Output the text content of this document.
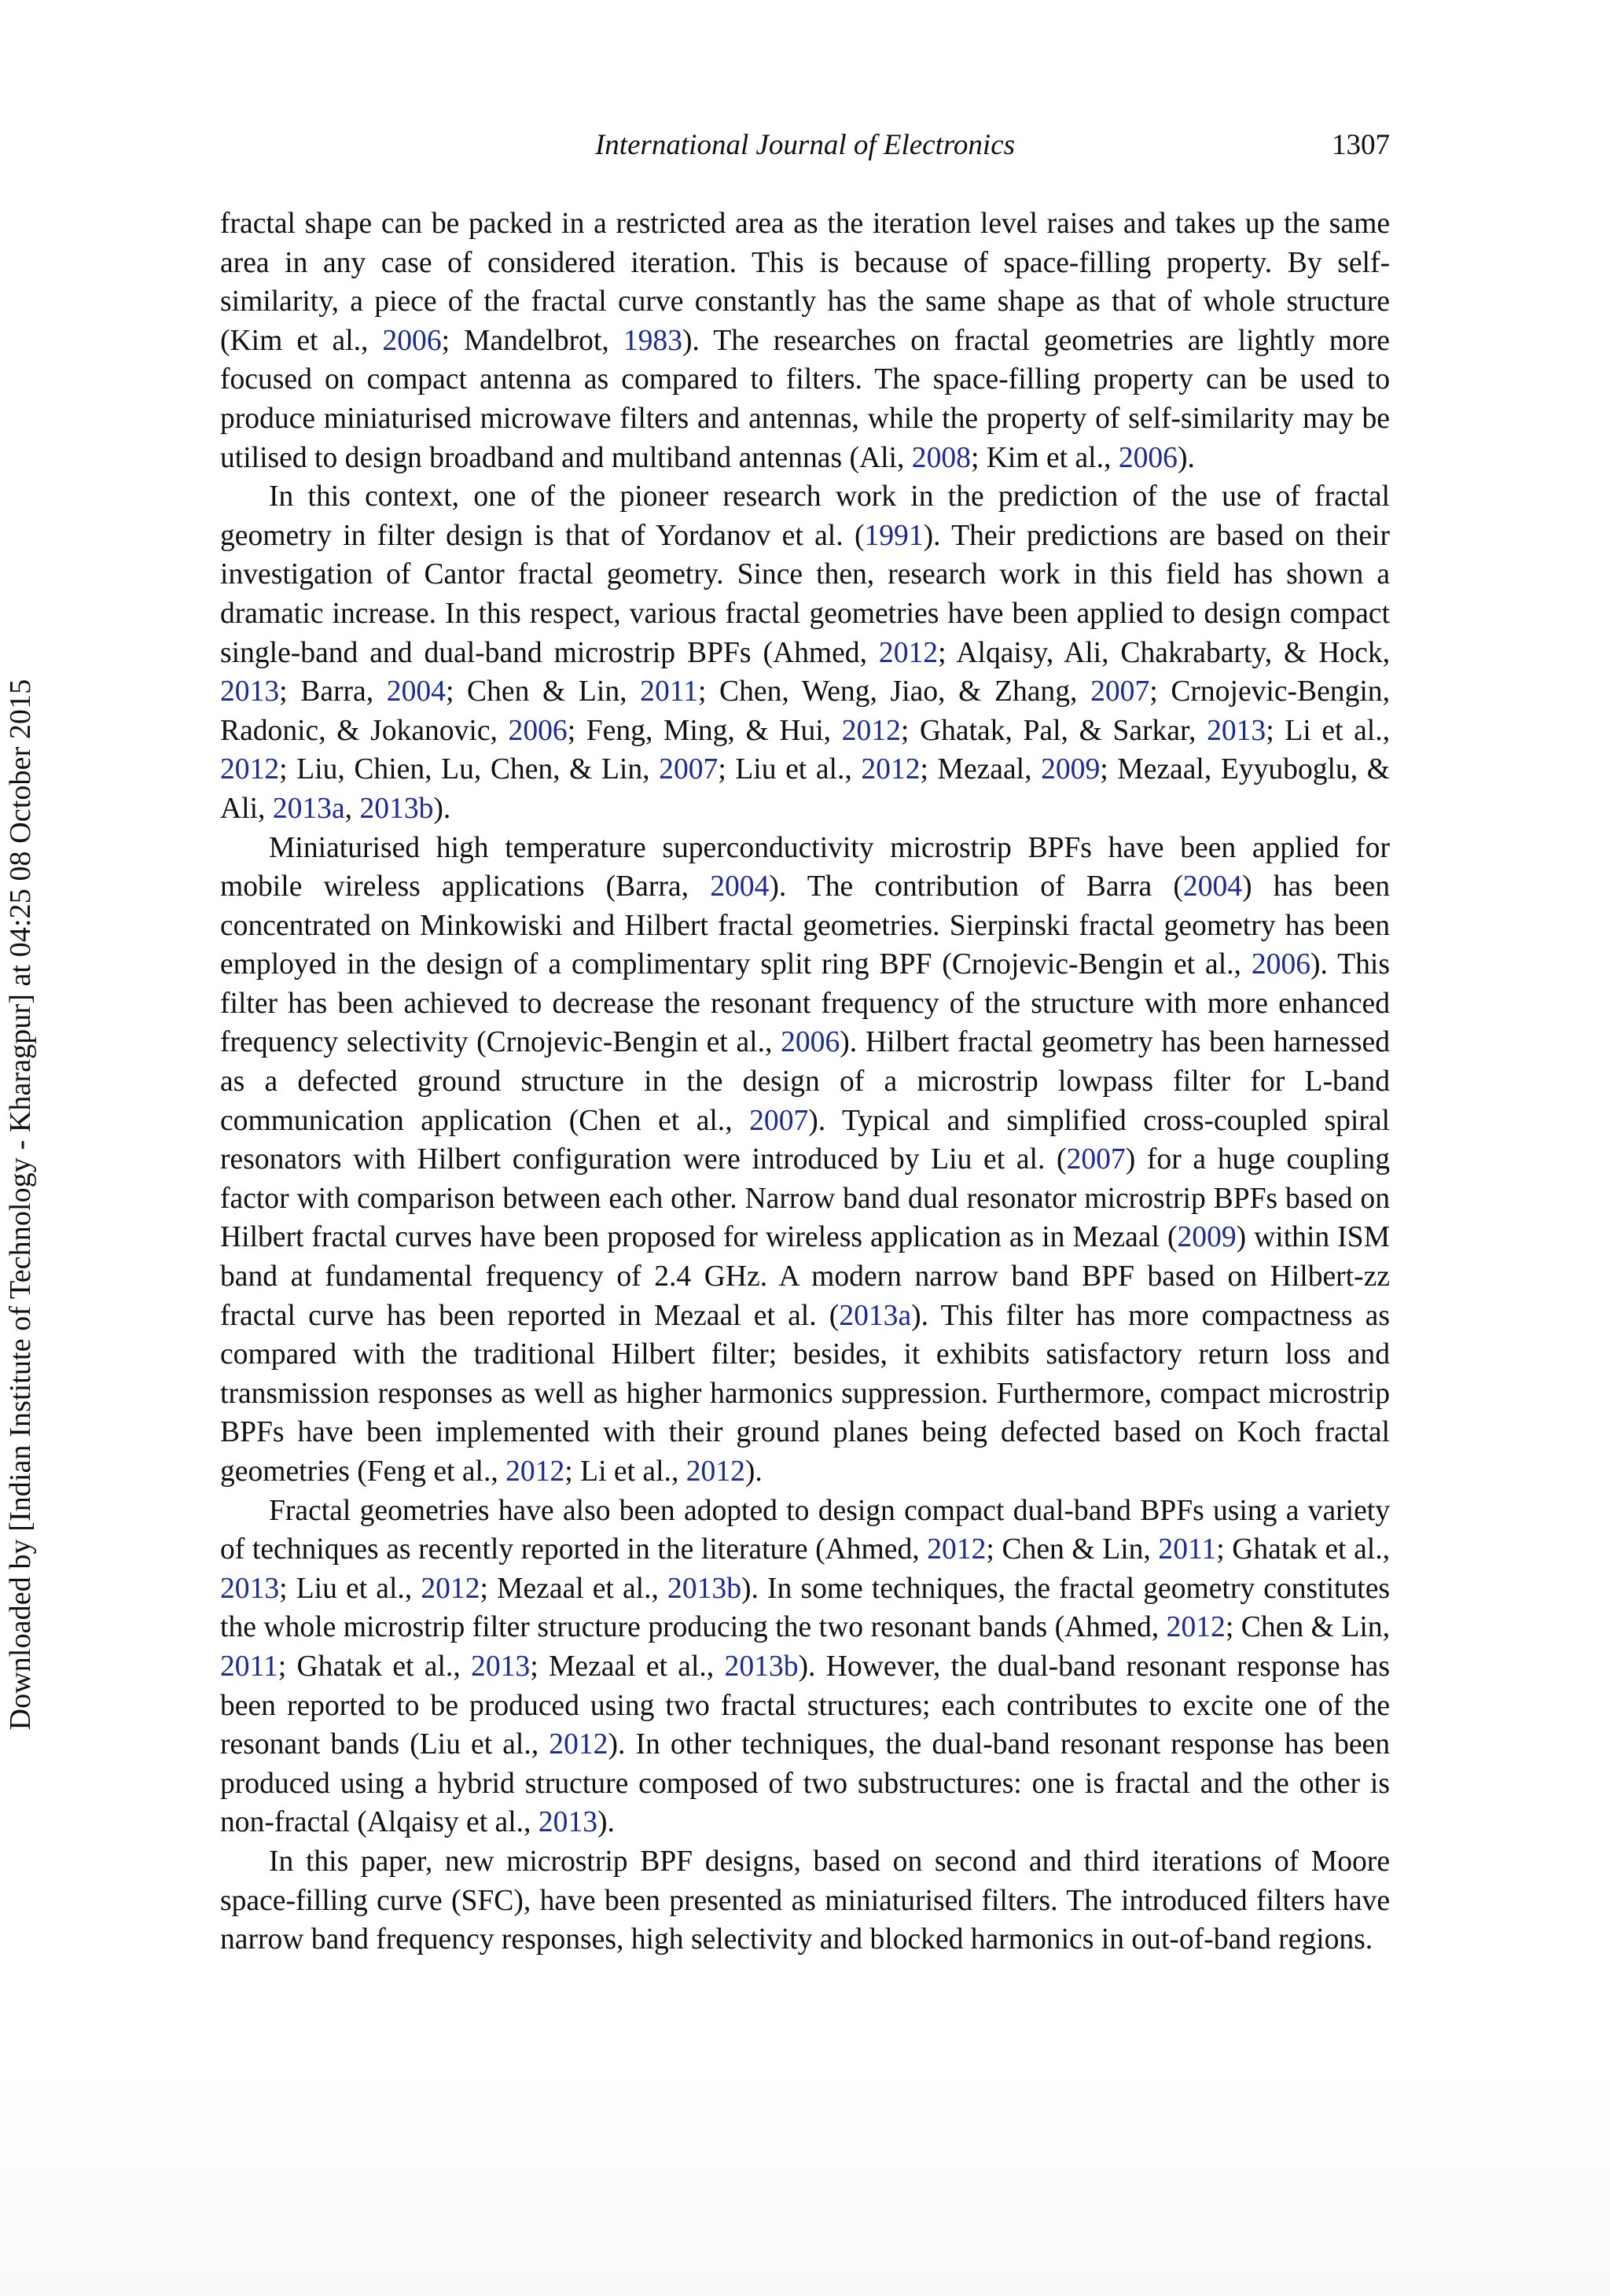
Downloaded by [Indian Institute of Technology - Kharagpur] at 04:25 08 October 2015
International Journal of Electronics	1307

fractal shape can be packed in a restricted area as the iteration level raises and takes up the same area in any case of considered iteration. This is because of space-filling property. By self-similarity, a piece of the fractal curve constantly has the same shape as that of whole structure (Kim et al., 2006; Mandelbrot, 1983). The researches on fractal geometries are lightly more focused on compact antenna as compared to filters. The space-filling property can be used to produce miniaturised microwave filters and antennas, while the property of self-similarity may be utilised to design broadband and multiband antennas (Ali, 2008; Kim et al., 2006).

In this context, one of the pioneer research work in the prediction of the use of fractal geometry in filter design is that of Yordanov et al. (1991). Their predictions are based on their investigation of Cantor fractal geometry. Since then, research work in this field has shown a dramatic increase. In this respect, various fractal geometries have been applied to design compact single-band and dual-band microstrip BPFs (Ahmed, 2012; Alqaisy, Ali, Chakrabarty, & Hock, 2013; Barra, 2004; Chen & Lin, 2011; Chen, Weng, Jiao, & Zhang, 2007; Crnojevic-Bengin, Radonic, & Jokanovic, 2006; Feng, Ming, & Hui, 2012; Ghatak, Pal, & Sarkar, 2013; Li et al., 2012; Liu, Chien, Lu, Chen, & Lin, 2007; Liu et al., 2012; Mezaal, 2009; Mezaal, Eyyuboglu, & Ali, 2013a, 2013b).

Miniaturised high temperature superconductivity microstrip BPFs have been applied for mobile wireless applications (Barra, 2004). The contribution of Barra (2004) has been concentrated on Minkowiski and Hilbert fractal geometries. Sierpinski fractal geometry has been employed in the design of a complimentary split ring BPF (Crnojevic-Bengin et al., 2006). This filter has been achieved to decrease the resonant frequency of the structure with more enhanced frequency selectivity (Crnojevic-Bengin et al., 2006). Hilbert fractal geometry has been harnessed as a defected ground structure in the design of a microstrip lowpass filter for L-band communication application (Chen et al., 2007). Typical and simplified cross-coupled spiral resonators with Hilbert configuration were introduced by Liu et al. (2007) for a huge coupling factor with comparison between each other. Narrow band dual resonator microstrip BPFs based on Hilbert fractal curves have been proposed for wireless application as in Mezaal (2009) within ISM band at fundamental frequency of 2.4 GHz. A modern narrow band BPF based on Hilbert-zz fractal curve has been reported in Mezaal et al. (2013a). This filter has more compactness as compared with the traditional Hilbert filter; besides, it exhibits satisfactory return loss and transmission responses as well as higher harmonics suppression. Furthermore, compact microstrip BPFs have been implemented with their ground planes being defected based on Koch fractal geometries (Feng et al., 2012; Li et al., 2012).

Fractal geometries have also been adopted to design compact dual-band BPFs using a variety of techniques as recently reported in the literature (Ahmed, 2012; Chen & Lin, 2011; Ghatak et al., 2013; Liu et al., 2012; Mezaal et al., 2013b). In some techniques, the fractal geometry constitutes the whole microstrip filter structure producing the two resonant bands (Ahmed, 2012; Chen & Lin, 2011; Ghatak et al., 2013; Mezaal et al., 2013b). However, the dual-band resonant response has been reported to be produced using two fractal structures; each contributes to excite one of the resonant bands (Liu et al., 2012). In other techniques, the dual-band resonant response has been produced using a hybrid structure composed of two substructures: one is fractal and the other is non-fractal (Alqaisy et al., 2013).

In this paper, new microstrip BPF designs, based on second and third iterations of Moore space-filling curve (SFC), have been presented as miniaturised filters. The introduced filters have narrow band frequency responses, high selectivity and blocked harmonics in out-of-band regions.
